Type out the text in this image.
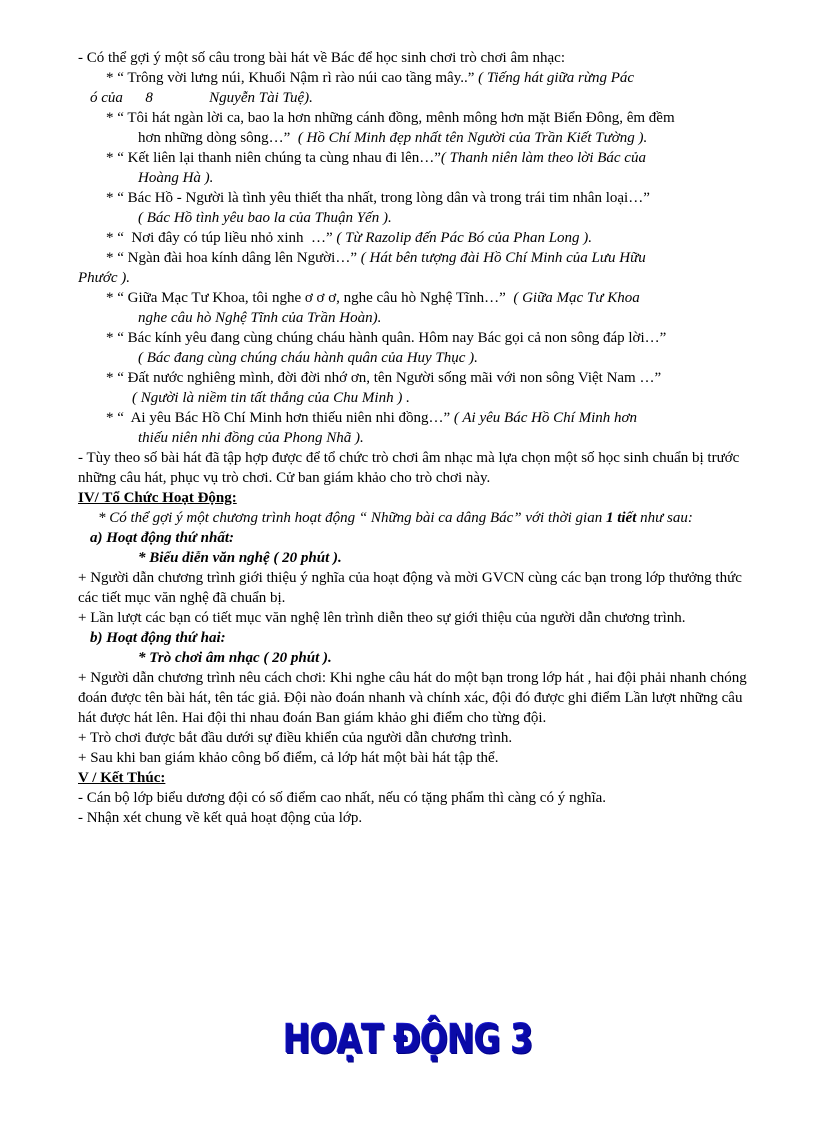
- Có thể gợi ý một số câu trong bài hát về Bác để học sinh chơi trò chơi âm nhạc:

* “ Trông vời lưng núi, Khuổi Nậm rì rào núi cao tầng mây..” ( Tiếng hát giữa rừng Pác

ó của      8               Nguyễn Tài Tuệ).

* “ Tôi hát ngàn lời ca, bao la hơn những cánh đồng, mênh mông hơn mặt Biển Đông, êm đềm

hơn những dòng sông…”  ( Hồ Chí Minh đẹp nhất tên Người của Trần Kiết Tường ).

* “ Kết liên lại thanh niên chúng ta cùng nhau đi lên…”( Thanh niên làm theo lời Bác của

Hoàng Hà ).

* “ Bác Hồ - Người là tình yêu thiết tha nhất, trong lòng dân và trong trái tim nhân loại…”

( Bác Hồ tình yêu bao la của Thuận Yến ).

* “  Nơi đây có túp liều nhỏ xinh  …” ( Từ Razolip đến Pác Bó của Phan Long ).

* “ Ngàn đài hoa kính dâng lên Người…” ( Hát bên tượng đài Hồ Chí Minh của Lưu Hữu

Phước ).

* “ Giữa Mạc Tư Khoa, tôi nghe ơ ơ ơ, nghe câu hò Nghệ Tĩnh…”  ( Giữa Mạc Tư Khoa

nghe câu hò Nghệ Tĩnh của Trần Hoàn).

* “ Bác kính yêu đang cùng chúng cháu hành quân. Hôm nay Bác gọi cả non sông đáp lời…”

( Bác đang cùng chúng cháu hành quân của Huy Thục ).

* “ Đất nước nghiêng mình, đời đời nhớ ơn, tên Người sống mãi với non sông Việt Nam …”

( Người là niềm tin tất thắng của Chu Minh ) .

* “  Ai yêu Bác Hồ Chí Minh hơn thiếu niên nhi đồng…” ( Ai yêu Bác Hồ Chí Minh hơn

thiếu niên nhi đồng của Phong Nhã ).

- Tùy theo số bài hát đã tập hợp được để tổ chức trò chơi âm nhạc mà lựa chọn một số học sinh chuẩn bị trước những câu hát, phục vụ trò chơi. Cử ban giám khảo cho trò chơi này.

IV/ Tổ Chức Hoạt Động:

* Có thể gợi ý một chương trình hoạt động “ Những bài ca dâng Bác” với thời gian 1 tiết như sau:

a) Hoạt động thứ nhất:

* Biểu diễn văn nghệ ( 20 phút ).

+ Người dẫn chương trình giới thiệu ý nghĩa của hoạt động và mời GVCN cùng các bạn trong lớp thưởng thức các tiết mục văn nghệ đã chuẩn bị.

+ Lần lượt các bạn có tiết mục văn nghệ lên trình diễn theo sự giới thiệu của người dẫn chương trình.

b) Hoạt động thứ hai:

* Trò chơi âm nhạc ( 20 phút ).

+ Người dẫn chương trình nêu cách chơi: Khi nghe câu hát do một bạn trong lớp hát , hai đội phải nhanh chóng đoán được tên bài hát, tên tác giả. Đội nào đoán nhanh và chính xác, đội đó được ghi điểm Lần lượt những câu hát được hát lên. Hai đội thi nhau đoán Ban giám khảo ghi điểm cho từng đội.

+ Trò chơi được bắt đầu dưới sự điều khiển của người dẫn chương trình.

+ Sau khi ban giám khảo công bố điểm, cả lớp hát một bài hát tập thể.

V / Kết Thúc:

- Cán bộ lớp biểu dương đội có số điểm cao nhất, nếu có tặng phẩm thì càng có ý nghĩa.

- Nhận xét chung về kết quả hoạt động của lớp.

HOẠT ĐỘNG 3
